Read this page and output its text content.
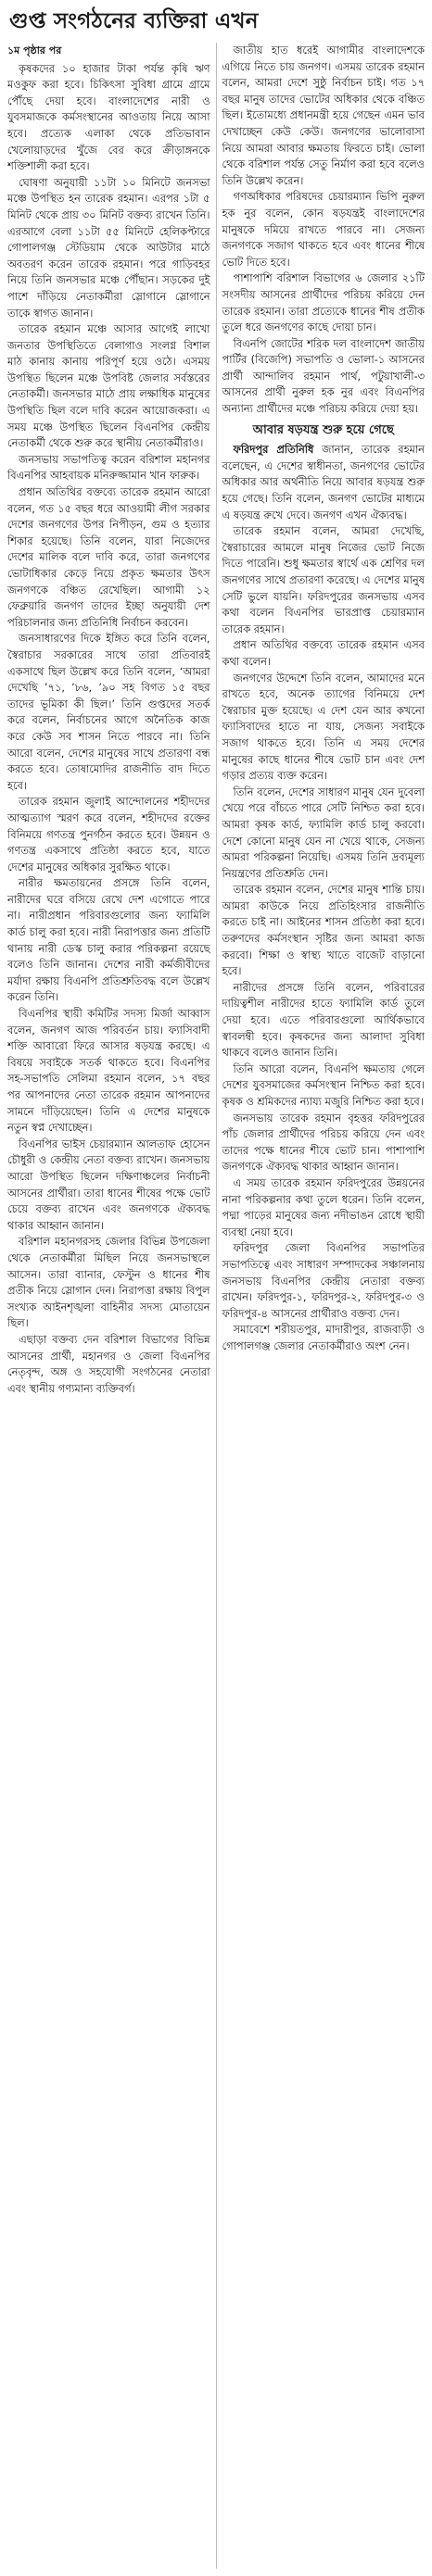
গুপ্ত সংগঠনের ব্যক্তিরা এখন
১ম পৃষ্ঠার পর

কৃষকদের ১০ হাজার টাকা পর্যন্ত কৃষি ঋণ মওকুফ করা হবে। চিকিৎসা সুবিধা গ্রামে গ্রামে পৌঁছে দেয়া হবে। বাংলাদেশের নারী ও যুবসমাজকে কর্মসংস্থানের আওতায় নিয়ে আসা হবে। প্রত্যেক এলাকা থেকে প্রতিভাবান খেলোয়াড়দের খুঁজে বের করে ক্রীড়াঙ্গনকে শক্তিশালী করা হবে।

ঘোষণা অনুযায়ী ১১টা ১০ মিনিটে জনসভা মঞ্চে উপস্থিত হন তারেক রহমান। এরপর ১টা ৫ মিনিট থেকে প্রায় ৩০ মিনিট বক্তব্য রাখেন তিনি। এরআগে বেলা ১১টা ৫৫ মিনিটে হেলিকপ্টারে গোপালগঞ্জ স্টেডিয়াম থেকে আউটার মাঠে অবতরণ করেন তারেক রহমান। পরে গাড়িবহর নিয়ে তিনি জনসভার মঞ্চে পৌঁছান। সড়কের দুই পাশে দাঁড়িয়ে নেতাকর্মীরা স্লোগানে স্লোগানে তাকে স্বাগত জানান।

তারেক রহমান মঞ্চে আসার আগেই লাখো জনতার উপস্থিতিতে বেলাগাও সংলগ্ন বিশাল মাঠ কানায় কানায় পরিপূর্ণ হয়ে ওঠে। এসময় উপস্থিত ছিলেন মঞ্চে উপবিষ্ট জেলার সর্বস্তরের নেতাকর্মী। জনসভার মাঠে প্রায় লক্ষাধিক মানুষের উপস্থিতি ছিল বলে দাবি করেন আয়োজকরা। এ সময় মঞ্চে উপস্থিত ছিলেন বিএনপির কেন্দ্রীয় নেতাকর্মী থেকে শুরু করে স্থানীয় নেতাকর্মীরাও।

জনসভায় সভাপতিত্ব করেন বরিশাল মহানগর বিএনপির আহবায়ক মনিরুজ্জামান খান ফারুক।

প্রধান অতিথির বক্তব্যে তারেক রহমান আরো বলেন, গত ১৫ বছর ধরে আওয়ামী লীগ সরকার দেশের জনগণের উপর নিপীড়ন, গুম ও হত্যার শিকার হয়েছে। তিনি বলেন, যারা নিজেদের দেশের মালিক বলে দাবি করে, তারা জনগণের ভোটাধিকার কেড়ে নিয়ে প্রকৃত ক্ষমতার উৎস জনগণকে বঞ্চিত রেখেছিল। আগামী ১২ ফেব্রুয়ারি জনগণ তাদের ইচ্ছা অনুযায়ী দেশ পরিচালনার জন্য প্রতিনিধি নির্বাচন করবেন।

জনসাধারণের দিকে ইঙ্গিত করে তিনি বলেন, স্বৈরাচার সরকারের সাথে তারা প্রতিবারই একসাথে ছিল উল্লেখ করে তিনি বলেন, ‘আমরা দেখেছি ’৭১, ’৮৬, ’৯০ সহ বিগত ১৫ বছর তাদের ভূমিকা কী ছিল।’ তিনি গুপ্তদের সতর্ক করে বলেন, নির্বাচনের আগে অনৈতিক কাজ করে কেউ সব শাসন নিতে পারবে না। তিনি আরো বলেন, দেশের মানুষের সাথে প্রতারণা বন্ধ করতে হবে। তোষামোদির রাজনীতি বাদ দিতে হবে।

তারেক রহমান জুলাই আন্দোলনের শহীদদের আত্মত্যাগ স্মরণ করে বলেন, শহীদদের রক্তের বিনিময়ে গণতন্ত্র পুনর্গঠন করতে হবে। উন্নয়ন ও গণতন্ত্র একসাথে প্রতিষ্ঠা করতে হবে, যাতে দেশের মানুষের অধিকার সুরক্ষিত থাকে।

নারীর ক্ষমতায়নের প্রসঙ্গে তিনি বলেন, নারীদের ঘরে বসিয়ে রেখে দেশ এগোতে পারে না। নারীপ্রধান পরিবারগুলোর জন্য ফ্যামিলি কার্ড চালু করা হবে। নারী নিরাপত্তার জন্য প্রতিটি থানায় নারী ডেস্ক চালু করার পরিকল্পনা রয়েছে বলেও তিনি জানান। দেশের নারী কর্মজীবীদের মর্যাদা রক্ষায় বিএনপি প্রতিশ্রুতিবদ্ধ বলে উল্লেখ করেন তিনি।

বিএনপির স্থায়ী কমিটির সদস্য মির্জা আব্বাস বলেন, জনগণ আজ পরিবর্তন চায়। ফ্যাসিবাদী শক্তি আবারো ফিরে আসার ষড়যন্ত্র করছে। এ বিষয়ে সবাইকে সতর্ক থাকতে হবে। বিএনপির সহ-সভাপতি সেলিমা রহমান বলেন, ১৭ বছর পর আপনাদের নেতা তারেক রহমান আপনাদের সামনে দাঁড়িয়েছেন। তিনি এ দেশের মানুষকে নতুন স্বপ্ন দেখাচ্ছেন।

বিএনপির ভাইস চেয়ারম্যান আলতাফ হোসেন চৌধুরী ও কেন্দ্রীয় নেতা বক্তব্য রাখেন। জনসভায় আরো উপস্থিত ছিলেন দক্ষিণাঞ্চলের নির্বাচনী আসনের প্রার্থীরা। তারা ধানের শীষের পক্ষে ভোট চেয়ে বক্তব্য রাখেন এবং জনগণকে ঐক্যবদ্ধ থাকার আহ্বান জানান।

বরিশাল মহানগরসহ জেলার বিভিন্ন উপজেলা থেকে নেতাকর্মীরা মিছিল নিয়ে জনসভাস্থলে আসেন। তারা ব্যানার, ফেস্টুন ও ধানের শীষ প্রতীক নিয়ে স্লোগান দেন। নিরাপত্তা রক্ষায় বিপুল সংখ্যক আইনশৃঙ্খলা বাহিনীর সদস্য মোতায়েন ছিল।

এছাড়া বক্তব্য দেন বরিশাল বিভাগের বিভিন্ন আসনের প্রার্থী, মহানগর ও জেলা বিএনপির নেতৃবৃন্দ, অঙ্গ ও সহযোগী সংগঠনের নেতারা এবং স্থানীয় গণ্যমান্য ব্যক্তিবর্গ।

জাতীয় হাত ধরেই আগামীর বাংলাদেশকে এগিয়ে নিতে চায় জনগণ। এসময় তারেক রহমান বলেন, আমরা দেশে সুষ্ঠু নির্বাচন চাই। গত ১৭ বছর মানুষ তাদের ভোটের অধিকার থেকে বঞ্চিত ছিল। ইতোমধ্যে প্রধানমন্ত্রী হয়ে গেছেন এমন ভাব দেখাচ্ছেন কেউ কেউ। জনগণের ভালোবাসা নিয়ে আমরা আবার ক্ষমতায় ফিরতে চাই। ভোলা থেকে বরিশাল পর্যন্ত সেতু নির্মাণ করা হবে বলেও তিনি উল্লেখ করেন।

গণঅধিকার পরিষদের চেয়ারম্যান ভিপি নুরুল হক নুর বলেন, কোন ষড়যন্ত্রই বাংলাদেশের মানুষকে দমিয়ে রাখতে পারবে না। সেজন্য জনগণকে সজাগ থাকতে হবে এবং ধানের শীষে ভোট দিতে হবে।

পাশাপাশি বরিশাল বিভাগের ৬ জেলার ২১টি সংসদীয় আসনের প্রার্থীদের পরিচয় করিয়ে দেন তারেক রহমান। তারা প্রত্যেকে ধানের শীষ প্রতীক তুলে ধরে জনগণের কাছে দোয়া চান।

বিএনপি জোটের শরিক দল বাংলাদেশ জাতীয় পার্টির (বিজেপি) সভাপতি ও ভোলা-১ আসনের প্রার্থী আন্দালিব রহমান পার্থ, পটুয়াখালী-৩ আসনের প্রার্থী নুরুল হক নুর এবং বিএনপির অন্যান্য প্রার্থীদের মঞ্চে পরিচয় করিয়ে দেয়া হয়।

আবার ষড়যন্ত্র শুরু হয়ে গেছে

ফরিদপুর প্রতিনিধি জানান, তারেক রহমান বলেছেন, এ দেশের স্বাধীনতা, জনগণের ভোটের অধিকার আর অর্থনীতি নিয়ে আবার ষড়যন্ত্র শুরু হয়ে গেছে। তিনি বলেন, জনগণ ভোটের মাধ্যমে এ ষড়যন্ত্র রুখে দেবে। জনগণ এখন ঐক্যবদ্ধ।

তারেক রহমান বলেন, আমরা দেখেছি, স্বৈরাচারের আমলে মানুষ নিজের ভোট নিজে দিতে পারেনি। শুধু ক্ষমতার স্বার্থে এক শ্রেণির দল জনগণের সাথে প্রতারণা করেছে। এ দেশের মানুষ সেটি ভুলে যায়নি। ফরিদপুরের জনসভায় এসব কথা বলেন বিএনপির ভারপ্রাপ্ত চেয়ারম্যান তারেক রহমান।

প্রধান অতিথির বক্তব্যে তারেক রহমান এসব কথা বলেন।

জনগণের উদ্দেশে তিনি বলেন, আমাদের মনে রাখতে হবে, অনেক ত্যাগের বিনিময়ে দেশ স্বৈরাচার মুক্ত হয়েছে। এ দেশ যেন আর কখনো ফ্যাসিবাদের হাতে না যায়, সেজন্য সবাইকে সজাগ থাকতে হবে। তিনি এ সময় দেশের মানুষের কাছে ধানের শীষে ভোট চান এবং দেশ গড়ার প্রত্যয় ব্যক্ত করেন।

তিনি বলেন, দেশের সাধারণ মানুষ যেন দুবেলা খেয়ে পরে বাঁচতে পারে সেটি নিশ্চিত করা হবে। আমরা কৃষক কার্ড, ফ্যামিলি কার্ড চালু করবো। দেশে কোনো মানুষ যেন না খেয়ে থাকে, সেজন্য আমরা পরিকল্পনা নিয়েছি। এসময় তিনি দ্রব্যমূল্য নিয়ন্ত্রণের প্রতিশ্রুতি দেন।

তারেক রহমান বলেন, দেশের মানুষ শান্তি চায়। আমরা কাউকে নিয়ে প্রতিহিংসার রাজনীতি করতে চাই না। আইনের শাসন প্রতিষ্ঠা করা হবে। তরুণদের কর্মসংস্থান সৃষ্টির জন্য আমরা কাজ করবো। শিক্ষা ও স্বাস্থ্য খাতে বাজেট বাড়ানো হবে।

নারীদের প্রসঙ্গে তিনি বলেন, পরিবারের দায়িত্বশীল নারীদের হাতে ফ্যামিলি কার্ড তুলে দেয়া হবে। এতে পরিবারগুলো আর্থিকভাবে স্বাবলম্বী হবে। কৃষকদের জন্য আলাদা সুবিধা থাকবে বলেও জানান তিনি।

তিনি আরো বলেন, বিএনপি ক্ষমতায় গেলে দেশের যুবসমাজের কর্মসংস্থান নিশ্চিত করা হবে। কৃষক ও শ্রমিকদের ন্যায্য মজুরি নিশ্চিত করা হবে।

জনসভায় তারেক রহমান বৃহত্তর ফরিদপুরের পাঁচ জেলার প্রার্থীদের পরিচয় করিয়ে দেন এবং তাদের পক্ষে ধানের শীষে ভোট চান। পাশাপাশি জনগণকে ঐক্যবদ্ধ থাকার আহ্বান জানান।

এ সময় তারেক রহমান ফরিদপুরের উন্নয়নের নানা পরিকল্পনার কথা তুলে ধরেন। তিনি বলেন, পদ্মা পাড়ের মানুষের জন্য নদীভাঙন রোধে স্থায়ী ব্যবস্থা নেয়া হবে।

ফরিদপুর জেলা বিএনপির সভাপতির সভাপতিত্বে এবং সাধারণ সম্পাদকের সঞ্চালনায় জনসভায় বিএনপির কেন্দ্রীয় নেতারা বক্তব্য রাখেন। ফরিদপুর-১, ফরিদপুর-২, ফরিদপুর-৩ ও ফরিদপুর-৪ আসনের প্রার্থীরাও বক্তব্য দেন।

সমাবেশে শরীয়তপুর, মাদারীপুর, রাজবাড়ী ও গোপালগঞ্জ জেলার নেতাকর্মীরাও অংশ নেন।
